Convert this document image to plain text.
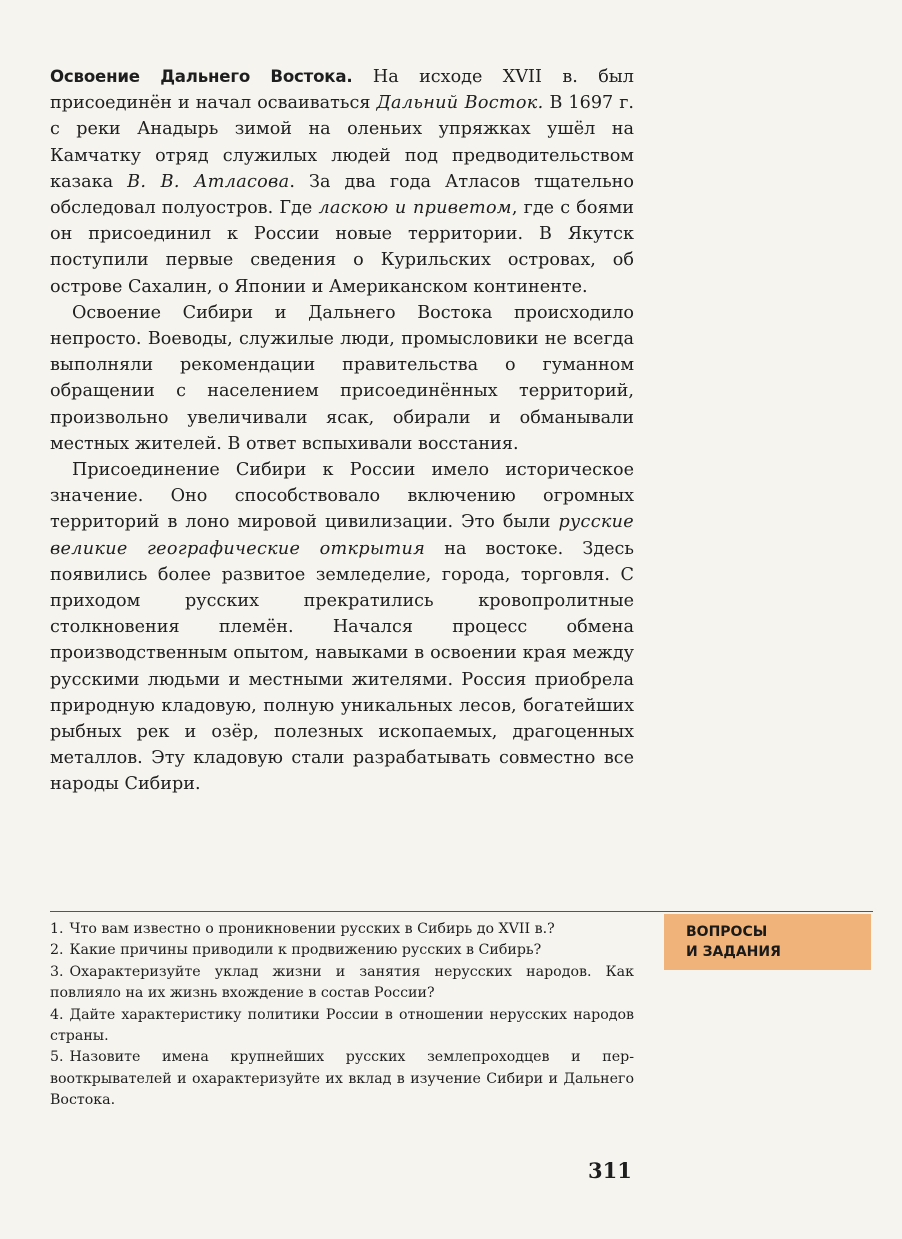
Освоение Дальнего Востока. На исходе XVII в. был присоединён и начал осваиваться Дальний Восток. В 1697 г. с реки Анадырь зимой на оленьих упряжках ушёл на Камчатку отряд служилых людей под предводительством казака В. В. Атласова. За два года Атласов тщательно обследовал полуостров. Где ласкою и приветом, где с боями он присоединил к России новые территории. В Якутск поступили первые сведения о Курильских островах, об острове Сахалин, о Японии и Американском континенте.

Освоение Сибири и Дальнего Востока происходило непросто. Воеводы, служилые люди, промысловики не всегда выполняли рекомендации правительства о гуманном обращении с населением присоединённых территорий, произвольно увеличивали ясак, обирали и обманывали местных жителей. В ответ вспыхивали восстания.

Присоединение Сибири к России имело историческое значение. Оно способствовало включению огромных территорий в лоно мировой цивилизации. Это были русские великие географические открытия на востоке. Здесь появились более развитое земледелие, города, торговля. С приходом русских прекратились кровопролитные столкновения племён. Начался процесс обмена производственным опытом, навыками в освоении края между русскими людьми и местными жителями. Россия приобрела природную кладовую, полную уникальных лесов, богатейших рыбных рек и озёр, полезных ископаемых, драгоценных металлов. Эту кладовую стали разрабатывать совместно все народы Сибири.

ВОПРОСЫ
И ЗАДАНИЯ

1. Что вам известно о проникновении русских в Сибирь до XVII в.?

2. Какие причины приводили к продвижению русских в Сибирь?

3. Охарактеризуйте уклад жизни и занятия нерусских народов. Как повлияло на их жизнь вхождение в состав России?

4. Дайте характеристику политики России в отношении нерусских народов страны.

5. Назовите имена крупнейших русских землепроходцев и первооткрывателей и охарактеризуйте их вклад в изучение Сибири и Дальнего Востока.

311
